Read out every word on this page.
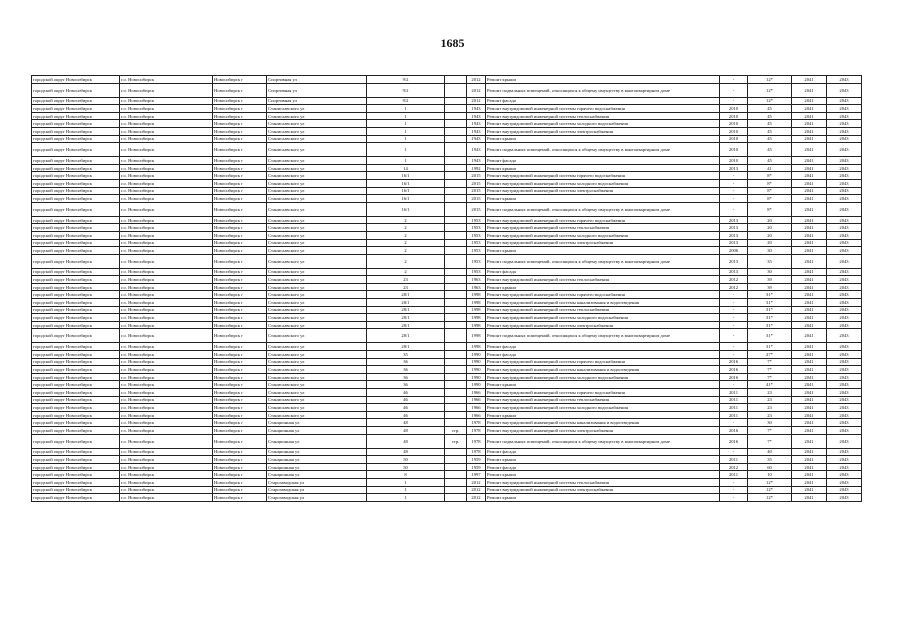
1685
городской округ Новосибирск	г.о. Новосибирск	Новосибирск г	Спортивная ул	9/2		2012	Ремонт крыши	-	12*	2041	2043
городской округ Новосибирск	г.о. Новосибирск	Новосибирск г	Спортивная ул	9/2		2012	Ремонт подвальных помещений, относящихся к общему имуществу в многоквартирном доме	-	12*	2041	2043
городской округ Новосибирск	г.о. Новосибирск	Новосибирск г	Спортивная ул	9/2		2012	Ремонт фасада	-	12*	2041	2043
городской округ Новосибирск	г.о. Новосибирск	Новосибирск г	Станиславского ул	1		1943	Ремонт внутридомовой инженерной системы горячего водоснабжения	2010	45	2041	2043
городской округ Новосибирск	г.о. Новосибирск	Новосибирск г	Станиславского ул	1		1943	Ремонт внутридомовой инженерной системы теплоснабжения	2010	45	2041	2043
городской округ Новосибирск	г.о. Новосибирск	Новосибирск г	Станиславского ул	1		1943	Ремонт внутридомовой инженерной системы холодного водоснабжения	2010	45	2041	2043
городской округ Новосибирск	г.о. Новосибирск	Новосибирск г	Станиславского ул	1		1943	Ремонт внутридомовой инженерной системы электроснабжения	2010	45	2041	2043
городской округ Новосибирск	г.о. Новосибирск	Новосибирск г	Станиславского ул	1		1943	Ремонт крыши	2010	45	2041	2043
городской округ Новосибирск	г.о. Новосибирск	Новосибирск г	Станиславского ул	1		1943	Ремонт подвальных помещений, относящихся к общему имуществу в многоквартирном доме	2010	45	2041	2043
городской округ Новосибирск	г.о. Новосибирск	Новосибирск г	Станиславского ул	1		1943	Ремонт фасада	2010	45	2041	2043
городской округ Новосибирск	г.о. Новосибирск	Новосибирск г	Станиславского ул	14		1992	Ремонт крыши	2013	41	2041	2043
городской округ Новосибирск	г.о. Новосибирск	Новосибирск г	Станиславского ул	16/1		2015	Ремонт внутридомовой инженерной системы горячего водоснабжения	-	8*	2041	2043
городской округ Новосибирск	г.о. Новосибирск	Новосибирск г	Станиславского ул	16/1		2015	Ремонт внутридомовой инженерной системы холодного водоснабжения	-	8*	2041	2043
городской округ Новосибирск	г.о. Новосибирск	Новосибирск г	Станиславского ул	16/1		2015	Ремонт внутридомовой инженерной системы электроснабжения	-	8*	2041	2043
городской округ Новосибирск	г.о. Новосибирск	Новосибирск г	Станиславского ул	16/1		2015	Ремонт крыши	-	8*	2041	2043
городской округ Новосибирск	г.о. Новосибирск	Новосибирск г	Станиславского ул	16/1		2015	Ремонт подвальных помещений, относящихся к общему имуществу в многоквартирном доме	-	8*	2041	2043
городской округ Новосибирск	г.о. Новосибирск	Новосибирск г	Станиславского ул	2		1953	Ремонт внутридомовой инженерной системы горячего водоснабжения	2013	20	2041	2043
городской округ Новосибирск	г.о. Новосибирск	Новосибирск г	Станиславского ул	2		1953	Ремонт внутридомовой инженерной системы теплоснабжения	2013	20	2041	2043
городской округ Новосибирск	г.о. Новосибирск	Новосибирск г	Станиславского ул	2		1953	Ремонт внутридомовой инженерной системы холодного водоснабжения	2013	20	2041	2043
городской округ Новосибирск	г.о. Новосибирск	Новосибирск г	Станиславского ул	2		1953	Ремонт внутридомовой инженерной системы электроснабжения	2013	20	2041	2043
городской округ Новосибирск	г.о. Новосибирск	Новосибирск г	Станиславского ул	2		1953	Ремонт крыши	2006	30	2041	2043
городской округ Новосибирск	г.о. Новосибирск	Новосибирск г	Станиславского ул	2		1953	Ремонт подвальных помещений, относящихся к общему имуществу в многоквартирном доме	2013	35	2041	2043
городской округ Новосибирск	г.о. Новосибирск	Новосибирск г	Станиславского ул	2		1953	Ремонт фасада	2013	30	2041	2043
городской округ Новосибирск	г.о. Новосибирск	Новосибирск г	Станиславского ул	23		1963	Ремонт внутридомовой инженерной системы теплоснабжения	2012	39	2041	2043
городской округ Новосибирск	г.о. Новосибирск	Новосибирск г	Станиславского ул	23		1963	Ремонт крыши	2012	39	2041	2043
городской округ Новосибирск	г.о. Новосибирск	Новосибирск г	Станиславского ул	28/1		1998	Ремонт внутридомовой инженерной системы горячего водоснабжения	-	31*	2041	2043
городской округ Новосибирск	г.о. Новосибирск	Новосибирск г	Станиславского ул	28/1		1998	Ремонт внутридомовой инженерной системы канализования и водоотведения	-	31*	2041	2043
городской округ Новосибирск	г.о. Новосибирск	Новосибирск г	Станиславского ул	28/1		1998	Ремонт внутридомовой инженерной системы теплоснабжения	-	31*	2041	2043
городской округ Новосибирск	г.о. Новосибирск	Новосибирск г	Станиславского ул	28/1		1998	Ремонт внутридомовой инженерной системы холодного водоснабжения	-	31*	2041	2043
городской округ Новосибирск	г.о. Новосибирск	Новосибирск г	Станиславского ул	28/1		1998	Ремонт внутридомовой инженерной системы электроснабжения	-	31*	2041	2043
городской округ Новосибирск	г.о. Новосибирск	Новосибирск г	Станиславского ул	28/1		1998	Ремонт подвальных помещений, относящихся к общему имуществу в многоквартирном доме	-	31*	2041	2043
городской округ Новосибирск	г.о. Новосибирск	Новосибирск г	Станиславского ул	28/1		1998	Ремонт фасада	-	31*	2041	2043
городской округ Новосибирск	г.о. Новосибирск	Новосибирск г	Станиславского ул	35		1990	Ремонт фасада	-	27*	2041	2043
городской округ Новосибирск	г.о. Новосибирск	Новосибирск г	Станиславского ул	36		1990	Ремонт внутридомовой инженерной системы горячего водоснабжения	2016	7*	2041	2043
городской округ Новосибирск	г.о. Новосибирск	Новосибирск г	Станиславского ул	36		1990	Ремонт внутридомовой инженерной системы канализования и водоотведения	2016	7*	2041	2043
городской округ Новосибирск	г.о. Новосибирск	Новосибирск г	Станиславского ул	36		1990	Ремонт внутридомовой инженерной системы холодного водоснабжения	2016	7*	2041	2043
городской округ Новосибирск	г.о. Новосибирск	Новосибирск г	Станиславского ул	36		1990	Ремонт крыши	-	41*	2041	2043
городской округ Новосибирск	г.о. Новосибирск	Новосибирск г	Станиславского ул	46		1966	Ремонт внутридомовой инженерной системы горячего водоснабжения	2011	23	2041	2043
городской округ Новосибирск	г.о. Новосибирск	Новосибирск г	Станиславского ул	46		1966	Ремонт внутридомовой инженерной системы теплоснабжения	2011	23	2041	2043
городской округ Новосибирск	г.о. Новосибирск	Новосибирск г	Станиславского ул	46		1966	Ремонт внутридомовой инженерной системы холодного водоснабжения	2011	23	2041	2043
городской округ Новосибирск	г.о. Новосибирск	Новосибирск г	Станиславского ул	46		1966	Ремонт крыши	2011	23	2041	2043
городской округ Новосибирск	г.о. Новосибирск	Новосибирск г	Станционная ул	48		1978	Ремонт внутридомовой инженерной системы канализования и водоотведения	-	30	2041	2043
городской округ Новосибирск	г.о. Новосибирск	Новосибирск г	Станционная ул	48	стр.	1978	Ремонт внутридомовой инженерной системы электроснабжения	2016	7*	2041	2043
городской округ Новосибирск	г.о. Новосибирск	Новосибирск г	Станционная ул	48	стр.	1978	Ремонт подвальных помещений, относящихся к общему имуществу в многоквартирном доме	2016	7*	2041	2043
городской округ Новосибирск	г.о. Новосибирск	Новосибирск г	Станционная ул	48		1978	Ремонт фасада	-	40	2041	2043
городской округ Новосибирск	г.о. Новосибирск	Новосибирск г	Станционная ул	50		1959	Ремонт крыши	2011	35	2041	2043
городской округ Новосибирск	г.о. Новосибирск	Новосибирск г	Станционная ул	50		1959	Ремонт фасада	2012	60	2041	2043
городской округ Новосибирск	г.о. Новосибирск	Новосибирск г	Станционная ул	8		1997	Ремонт крыши	2011	10	2041	2043
городской округ Новосибирск	г.о. Новосибирск	Новосибирск г	Старозаводская ул	1		2012	Ремонт внутридомовой инженерной системы теплоснабжения	-	12*	2041	2043
городской округ Новосибирск	г.о. Новосибирск	Новосибирск г	Старозаводская ул	1		2012	Ремонт внутридомовой инженерной системы электроснабжения	-	12*	2041	2043
городской округ Новосибирск	г.о. Новосибирск	Новосибирск г	Старозаводская ул	1		2012	Ремонт крыши	-	12*	2041	2043
